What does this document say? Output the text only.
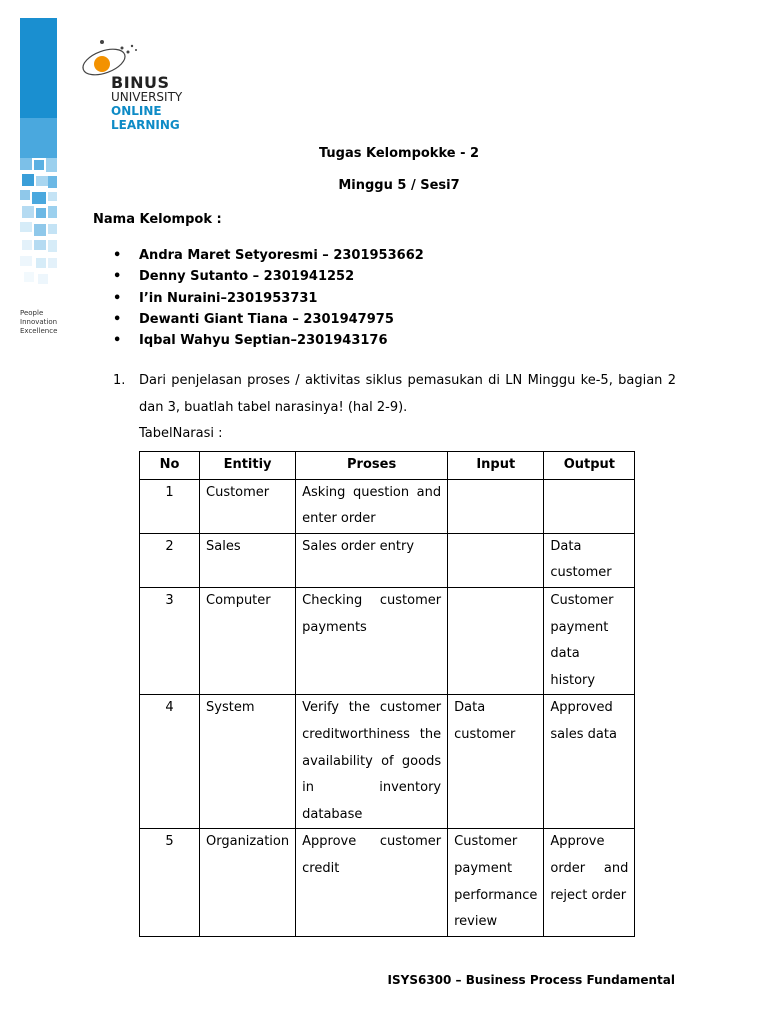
People
Innovation
Excellence
BINUS
UNIVERSITY
ONLINE
LEARNING
Tugas Kelompokke - 2
Minggu 5 / Sesi7
Nama Kelompok :
• Andra Maret Setyoresmi – 2301953662
• Denny Sutanto – 2301941252
• I’in Nuraini–2301953731
• Dewanti Giant Tiana – 2301947975
• Iqbal Wahyu Septian–2301943176
1. Dari penjelasan proses / aktivitas siklus pemasukan di LN Minggu ke-5, bagian 2 dan 3, buatlah tabel narasinya! (hal 2-9).
TabelNarasi :
No	Entitiy	Proses	Input	Output
1	Customer	Asking question and enter order		
2	Sales	Sales order entry		Data customer
3	Computer	Checking customer payments		Customer payment data history
4	System	Verify the customer creditworthiness the availability of goods in inventory database	Data customer	Approved sales data
5	Organization	Approve customer credit	Customer payment performance review	Approve order and reject order
ISYS6300 – Business Process Fundamental
